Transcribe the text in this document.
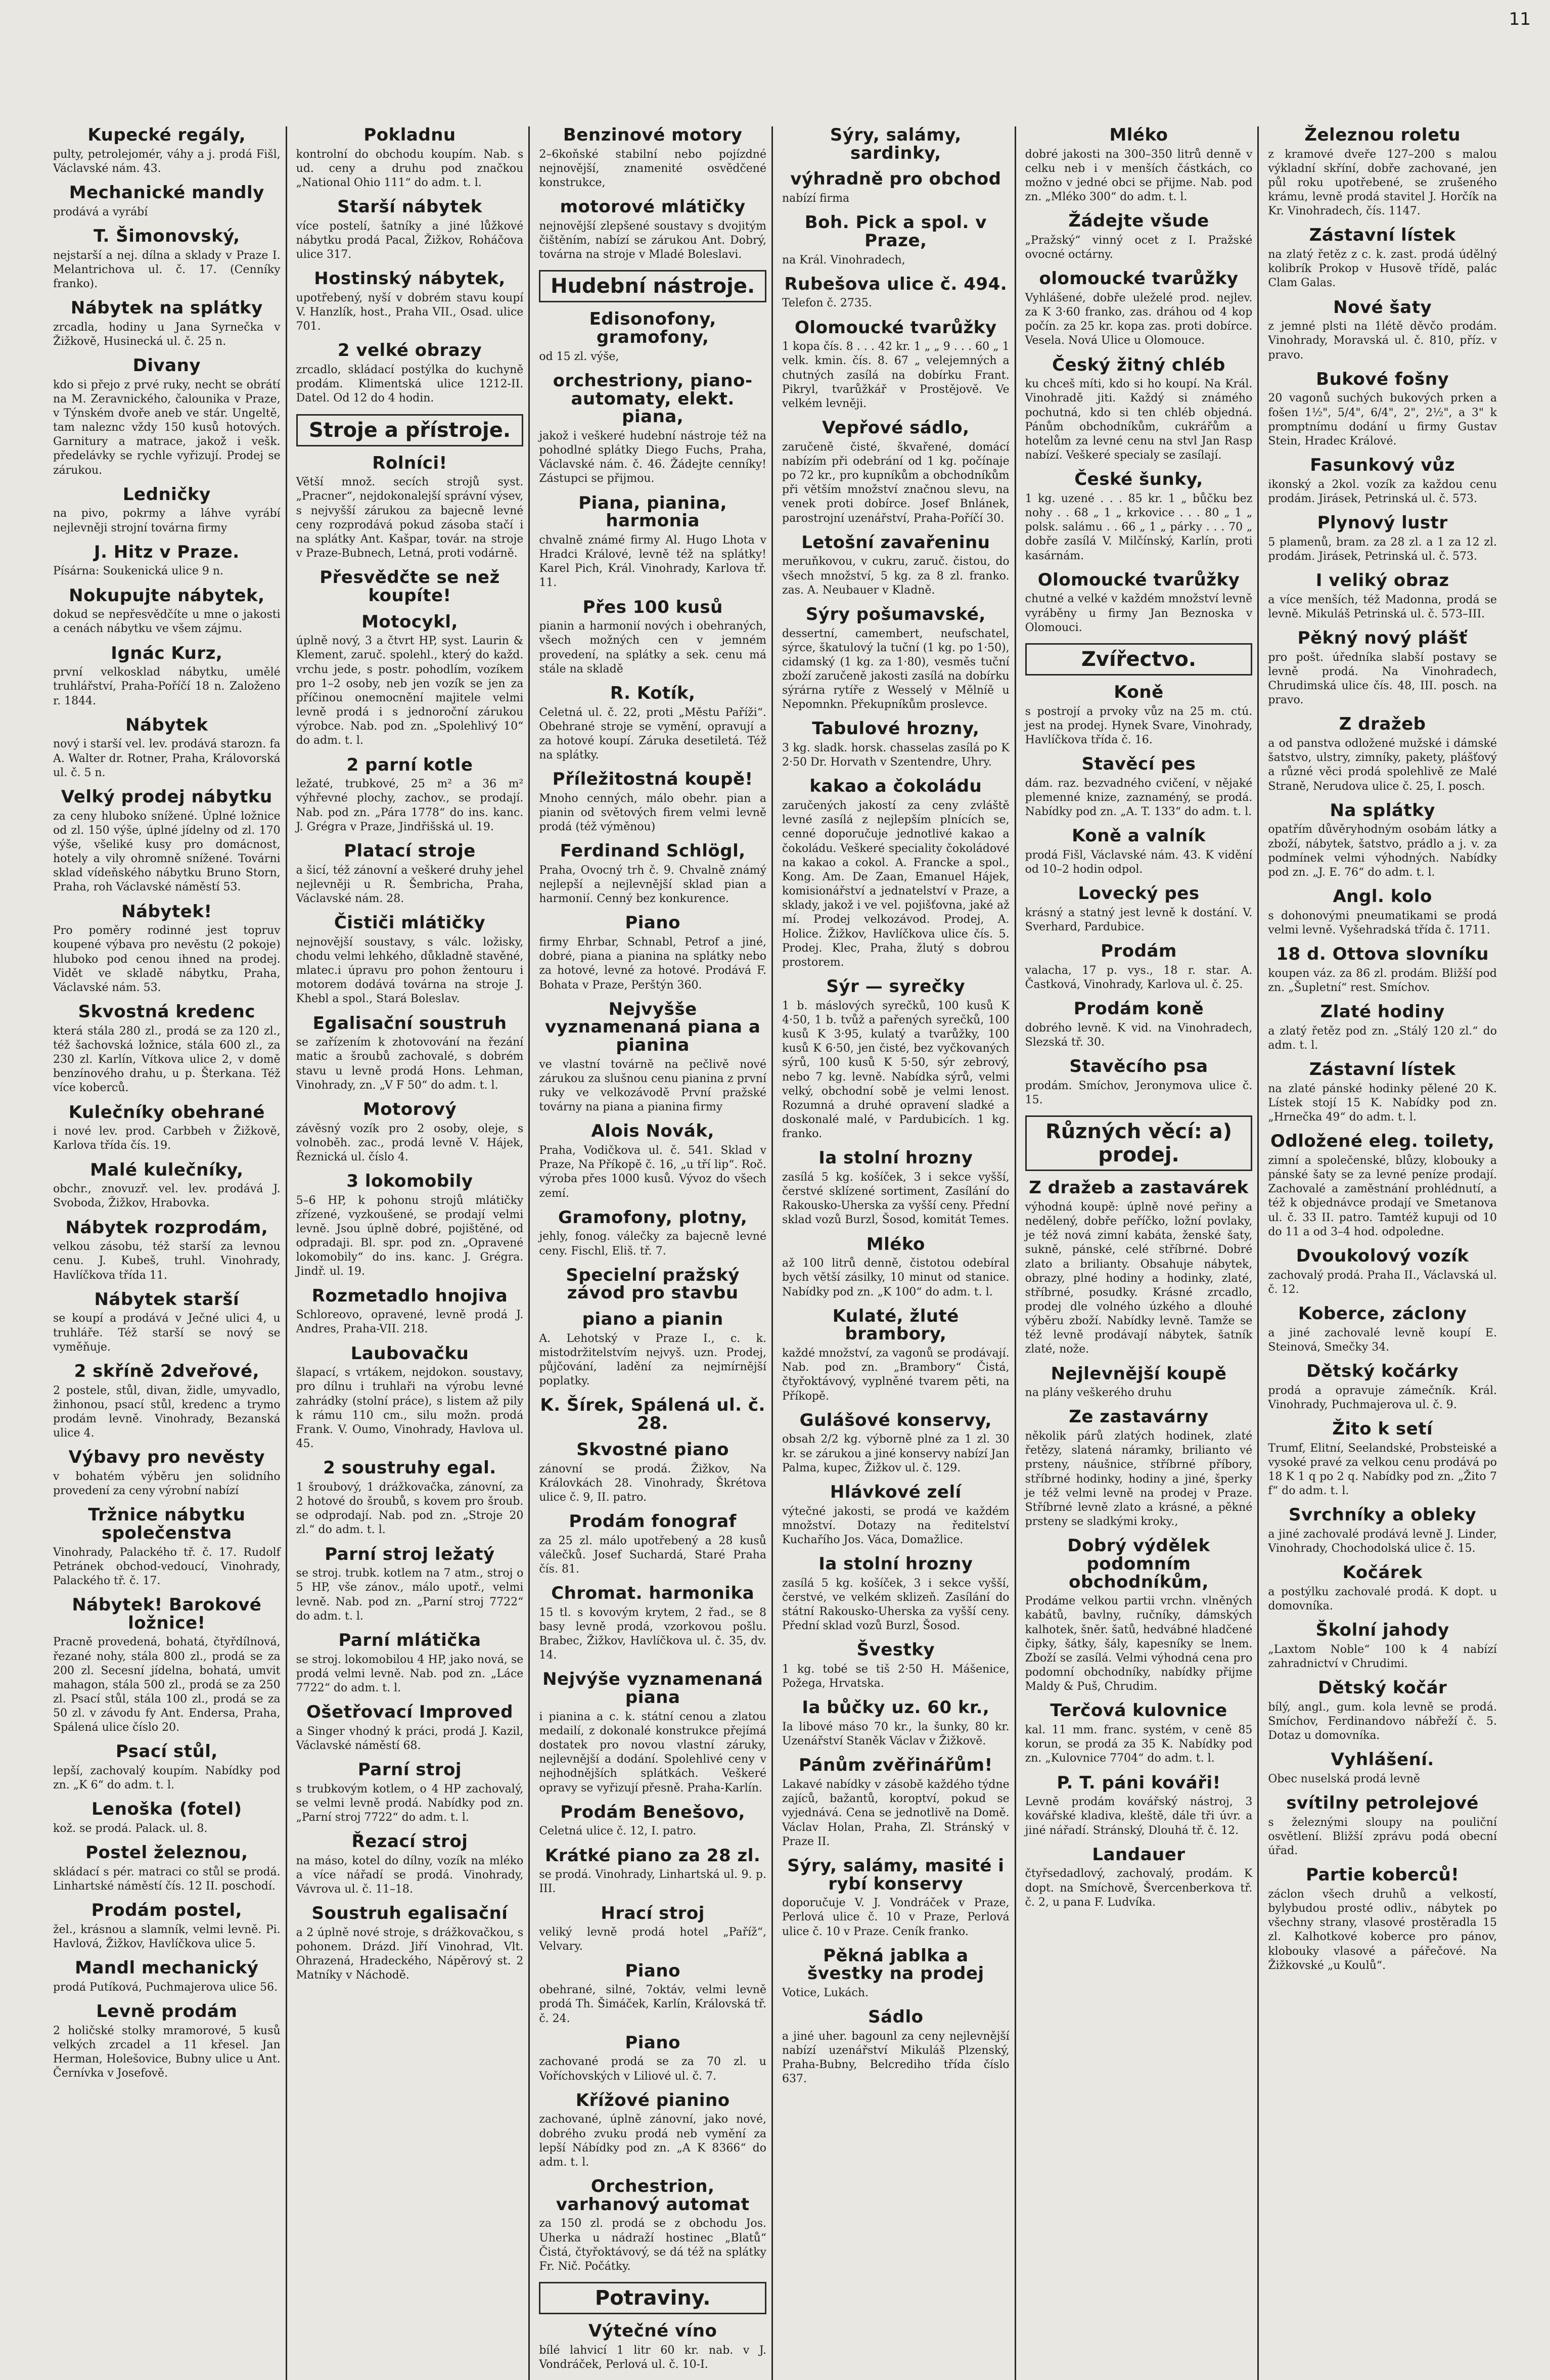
11
Kupecké regály,

pulty, petrolejomér, váhy a j. prodá Fišl, Václavské nám. 43.

Mechanické mandly

prodává a vyrábí

T. Šimonovský,

nejstarší a nej. dílna a sklady v Praze I. Melantrichova ul. č. 17. (Cenníky franko).

Nábytek na splátky

zrcadla, hodiny u Jana Syrnečka v Žižkově, Husinecká ul. č. 25 n.

Divany

kdo si přejo z prvé ruky, necht se obrátí na M. Zeravnického, čalounika v Praze, v Týnském dvoře aneb ve stár. Ungeltě, tam naleznc vždy 150 kusů hotových. Garnitury a matrace, jakož i vešk. předelávky se rychle vyřizují. Prodej se zárukou.

Ledničky

na pivo, pokrmy a láhve vyrábí nejlevněji strojní továrna firmy

J. Hitz v Praze.

Písárna: Soukenická ulice 9 n.

Nokupujte nábytek,

dokud se nepřesvědčíte u mne o jakosti a cenách nábytku ve všem zájmu.

Ignác Kurz,

první velkosklad nábytku, umělé truhlářství, Praha-Poříčí 18 n. Založeno r. 1844.

Nábytek

nový i starší vel. lev. prodává starozn. fa A. Walter dr. Rotner, Praha, Královorská ul. č. 5 n.

Velký prodej nábytku

za ceny hluboko snížené. Úplné ložnice od zl. 150 výše, úplné jídelny od zl. 170 výše, všeliké kusy pro domácnost, hotely a vily ohromně snížené. Továrni sklad vídeňského nábytku Bruno Storn, Praha, roh Václavské náměstí 53.

Nábytek!

Pro poměry rodinné jest topruv koupené výbava pro nevěstu (2 pokoje) hluboko pod cenou ihned na prodej. Vidět ve skladě nábytku, Praha, Václavské nám. 53.

Skvostná kredenc

která stála 280 zl., prodá se za 120 zl., též šachovská ložnice, stála 600 zl., za 230 zl. Karlín, Vítkova ulice 2, v domě benzínového drahu, u p. Šterkana. Též více koberců.

Kulečníky obehrané

i nové lev. prod. Carbbeh v Žižkově, Karlova třída čís. 19.

Malé kulečníky,

obchr., znovuzř. vel. lev. prodává J. Svoboda, Žižkov, Hrabovka.

Nábytek rozprodám,

velkou zásobu, též starší za levnou cenu. J. Kubeš, truhl. Vinohrady, Havlíčkova třída 11.

Nábytek starší

se koupí a prodává v Ječné ulici 4, u truhláře. Též starší se nový se vyměňuje.

2 skříně 2dveřové,

2 postele, stůl, divan, židle, umyvadlo, žinhonou, psací stůl, kredenc a trymo prodám levně. Vinohrady, Bezanská ulice 4.

Výbavy pro nevěsty

v bohatém výběru jen solidního provedení za ceny výrobní nabízí

Tržnice nábytku společenstva

Vinohrady, Palackého tř. č. 17. Rudolf Petránek obchod-vedoucí, Vinohrady, Palackého tř. č. 17.

Nábytek! Barokové ložnice!

Pracně provedená, bohatá, čtyřdílnová, řezané nohy, stála 800 zl., prodá se za 200 zl. Secesní jídelna, bohatá, umvit mahagon, stála 500 zl., prodá se za 250 zl. Psací stůl, stála 100 zl., prodá se za 50 zl. v závodu fy Ant. Endersa, Praha, Spálená ulice číslo 20.

Psací stůl,

lepší, zachovalý koupím. Nabídky pod zn. „K 6“ do adm. t. l.

Lenoška (fotel)

kož. se prodá. Palack. ul. 8.

Postel železnou,

skládací s pér. matraci co stůl se prodá. Linhartské náměstí čís. 12 II. poschodí.

Prodám postel,

žel., krásnou a slamník, velmi levně. Pi. Havlová, Žižkov, Havlíčkova ulice 5.

Mandl mechanický

prodá Putíková, Puchmajerova ulice 56.

Levně prodám

2 holičské stolky mramorové, 5 kusů velkých zrcadel a 11 křesel. Jan Herman, Holešovice, Bubny ulice u Ant. Černívka v Josefově.

Pokladnu

kontrolní do obchodu koupím. Nab. s ud. ceny a druhu pod značkou „National Ohio 111“ do adm. t. l.

Starší nábytek

více postelí, šatníky a jiné lůžkové nábytku prodá Pacal, Žižkov, Roháčova ulice 317.

Hostinský nábytek,

upotřebený, nyší v dobrém stavu koupí V. Hanzlík, host., Praha VII., Osad. ulice 701.

2 velké obrazy

zrcadlo, skládací postýlka do kuchyně prodám. Klimentská ulice 1212-II. Datel. Od 12 do 4 hodin.

Stroje a přístroje.
Rolníci!

Větší množ. secích strojů syst. „Pracner“, nejdokonalejší správní výsev, s nejvyšší zárukou za bajecně levné ceny rozprodává pokud zásoba stačí i na splátky Ant. Kašpar, továr. na stroje v Praze-Bubnech, Letná, proti vodárně.

Přesvědčte se než koupíte!
Motocykl,

úplně nový, 3 a čtvrt HP, syst. Laurin & Klement, zaruč. spolehl., který do každ. vrchu jede, s postr. pohodlím, vozíkem pro 1–2 osoby, neb jen vozík se jen za příčinou onemocnění majitele velmi levně prodá i s jednoroční zárukou výrobce. Nab. pod zn. „Spolehlivý 10“ do adm. t. l.

2 parní kotle

ležaté, trubkové, 25 m² a 36 m² výhřevné plochy, zachov., se prodají. Nab. pod zn. „Pára 1778“ do ins. kanc. J. Grégra v Praze, Jindřišská ul. 19.

Platací stroje

a šicí, též zánovní a veškeré druhy jehel nejlevněji u R. Šembricha, Praha, Václavské nám. 28.

Čističi mlátičky

nejnovější soustavy, s válc. ložisky, chodu velmi lehkého, důkladně stavěné, mlatec.i úpravu pro pohon žentouru i motorem dodává továrna na stroje J. Khebl a spol., Stará Boleslav.

Egalisační soustruh

se zařízením k zhotovování na řezání matic a šroubů zachovalé, s dobrém stavu u levně prodá Hons. Lehman, Vinohrady, zn. „V F 50“ do adm. t. l.

Motorový

závěsný vozík pro 2 osoby, oleje, s volnoběh. zac., prodá levně V. Hájek, Řeznická ul. číslo 4.

3 lokomobily

5–6 HP, k pohonu strojů mlátičky zřízené, vyzkoušené, se prodají velmi levně. Jsou úplně dobré, pojištěné, od odpradaji. Bl. spr. pod zn. „Opravené lokomobily“ do ins. kanc. J. Grégra. Jindř. ul. 19.

Rozmetadlo hnojiva

Schloreovo, opravené, levně prodá J. Andres, Praha-VII. 218.

Laubovačku

šlapací, s vrtákem, nejdokon. soustavy, pro dílnu i truhlaři na výrobu levné zahrádky (stolní práce), s listem až pily k rámu 110 cm., silu možn. prodá Frank. V. Oumo, Vinohrady, Havlova ul. 45.

2 soustruhy egal.

1 šroubový, 1 drážkovačka, zánovní, za 2 hotové do šroubů, s kovem pro šroub. se odprodají. Nab. pod zn. „Stroje 20 zl.“ do adm. t. l.

Parní stroj ležatý

se stroj. trubk. kotlem na 7 atm., stroj o 5 HP, vše zánov., málo upotř., velmi levně. Nab. pod zn. „Parní stroj 7722“ do adm. t. l.

Parní mlátička

se stroj. lokomobilou 4 HP, jako nová, se prodá velmi levně. Nab. pod zn. „Láce 7722“ do adm. t. l.

Ošetřovací Improved

a Singer vhodný k práci, prodá J. Kazil, Václavské náměstí 68.

Parní stroj

s trubkovým kotlem, o 4 HP zachovalý, se velmi levně prodá. Nabídky pod zn. „Parní stroj 7722“ do adm. t. l.

Řezací stroj

na máso, kotel do dílny, vozík na mléko a více nářadí se prodá. Vinohrady, Vávrova ul. č. 11–18.

Soustruh egalisační

a 2 úplně nové stroje, s drážkovačkou, s pohonem. Drázd. Jiří Vinohrad, Vlt. Ohrazená, Hradeckého, Nápěrový st. 2 Matníky v Náchodě.

Benzinové motory

2–6koňské stabilní nebo pojízdné nejnovější, znamenité osvědčené konstrukce,

motorové mlátičky

nejnovější zlepšené soustavy s dvojitým čištěním, nabízí se zárukou Ant. Dobrý, továrna na stroje v Mladé Boleslavi.

Hudební nástroje.
Edisonofony, gramofony,

od 15 zl. výše,

orchestriony, piano-automaty, elekt. piana,

jakož i veškeré hudební nástroje též na pohodlné splátky Diego Fuchs, Praha, Václavské nám. č. 46. Žádejte cenníky! Zástupci se přijmou.

Piana, pianina, harmonia

chvalně známé firmy Al. Hugo Lhota v Hradci Králové, levně též na splátky! Karel Pich, Král. Vinohrady, Karlova tř. 11.

Přes 100 kusů

pianin a harmonií nových i obehraných, všech možných cen v jemném provedení, na splátky a sek. cenu má stále na skladě

R. Kotík,

Celetná ul. č. 22, proti „Městu Paříži“. Obehrané stroje se vymění, opravují a za hotové koupí. Záruka desetiletá. Též na splátky.

Příležitostná koupě!

Mnoho cenných, málo obehr. pian a pianin od světových firem velmi levně prodá (též výměnou)

Ferdinand Schlögl,

Praha, Ovocný trh č. 9. Chvalně známý nejlepší a nejlevnější sklad pian a harmonií. Cenný bez konkurence.

Piano

firmy Ehrbar, Schnabl, Petrof a jiné, dobré, piana a pianina na splátky nebo za hotové, levné za hotové. Prodává F. Bohata v Praze, Perštýn 360.

Nejvyšše vyznamenaná piana a pianina

ve vlastní továrně na pečlivě nové zárukou za slušnou cenu pianina z první ruky ve velkozávodě První pražské továrny na piana a pianina firmy

Alois Novák,

Praha, Vodičkova ul. č. 541. Sklad v Praze, Na Příkopě č. 16, „u tří lip“. Roč. výroba přes 1000 kusů. Vývoz do všech zemí.

Gramofony, plotny,

jehly, fonog. válečky za bajecně levné ceny. Fischl, Eliš. tř. 7.

Specielní pražský závod pro stavbu
piano a pianin

A. Lehotský v Praze I., c. k. mistodržitelstvím nejvyš. uzn. Prodej, půjčování, ladění za nejmírnější poplatky.

K. Šírek, Spálená ul. č. 28.
Skvostné piano

zánovní se prodá. Žižkov, Na Královkách 28. Vinohrady, Škrétova ulice č. 9, II. patro.

Prodám fonograf

za 25 zl. málo upotřebený a 28 kusů válečků. Josef Suchardá, Staré Praha čís. 81.

Chromat. harmonika

15 tl. s kovovým krytem, 2 řad., se 8 basy levně prodá, vzorkovou pošlu. Brabec, Žižkov, Havlíčkova ul. č. 35, dv. 14.

Nejvýše vyznamenaná piana

i pianina a c. k. státní cenou a zlatou medailí, z dokonalé konstrukce přejímá dostatek pro novou vlastní záruky, nejlevnější a dodání. Spolehlivé ceny v nejhodnějších splátkách. Veškeré opravy se vyřizují přesně. Praha-Karlín.

Prodám Benešovo,

Celetná ulice č. 12, I. patro.

Krátké piano za 28 zl.

se prodá. Vinohrady, Linhartská ul. 9. p. III.

Hrací stroj

veliký levně prodá hotel „Paříž“, Velvary.

Piano

obehrané, silné, 7oktáv, velmi levně prodá Th. Šimáček, Karlín, Královská tř. č. 24.

Piano

zachované prodá se za 70 zl. u Voříchovských v Liliové ul. č. 7.

Křížové pianino

zachované, úplně zánovní, jako nové, dobrého zvuku prodá neb vymění za lepší Nábídky pod zn. „A K 8366“ do adm. t. l.

Orchestrion, varhanový automat

za 150 zl. prodá se z obchodu Jos. Uherka u nádraží hostinec „Blatů“ Čistá, čtyřoktávový, se dá též na splátky Fr. Nič. Počátky.

Potraviny.
Výtečné víno

bílé lahvicí 1 litr 60 kr. nab. v J. Vondráček, Perlová ul. č. 10-I.

Sýry, salámy, sardinky,
výhradně pro obchod

nabízí firma

Boh. Pick a spol. v Praze,

na Král. Vinohradech,

Rubešova ulice č. 494.

Telefon č. 2735.

Olomoucké tvarůžky

1 kopa čís. 8 . . . 42 kr. 1 „ „ 9 . . . 60 „ 1 velk. kmin. čís. 8. 67 „ velejemných a chutných zasílá na dobírku Frant. Pikryl, tvarůžkář v Prostějově. Ve velkém levněji.

Vepřové sádlo,

zaručeně čisté, škvařené, domácí nabízím při odebrání od 1 kg. počínaje po 72 kr., pro kupníkům a obchodníkům při větším množství značnou slevu, na venek proti dobírce. Josef Bnlánek, parostrojní uzenářství, Praha-Poříčí 30.

Letošní zavařeninu

meruňkovou, v cukru, zaruč. čistou, do všech množství, 5 kg. za 8 zl. franko. zas. A. Neubauer v Kladně.

Sýry pošumavské,

dessertní, camembert, neufschatel, sýrce, škatulový la tuční (1 kg. po 1·50), cidamský (1 kg. za 1·80), vesměs tuční zboží zaručeně jakosti zasílá na dobírku sýrárna rytíře z Wesselý v Mělníě u Nepomnkn. Překupníkům proslevce.

Tabulové hrozny,

3 kg. sladk. horsk. chasselas zasílá po K 2·50 Dr. Horvath v Szentendre, Uhry.

kakao a čokoládu

zaručených jakostí za ceny zvláště levné zasílá z nejlepším plnících se, cenné doporučuje jednotlivé kakao a čokoládu. Veškeré speciality čokoládové na kakao a cokol. A. Francke a spol., Kong. Am. De Zaan, Emanuel Hájek, komisionářství a jednatelství v Praze, a sklady, jakož i ve vel. pojišťovna, jaké až mí. Prodej velkozávod. Prodej, A. Holice. Žižkov, Havlíčkova ulice čís. 5. Prodej. Klec, Praha, žlutý s dobrou prostorem.

Sýr — syrečky

1 b. máslových syrečků, 100 kusů K 4·50, 1 b. tvůž a pařených syrečků, 100 kusů K 3·95, kulatý a tvarůžky, 100 kusů K 6·50, jen čisté, bez vyčkovaných sýrů, 100 kusů K 5·50, sýr zebrový, nebo 7 kg. levně. Nabídka sýrů, velmi velký, obchodní sobě je velmi lenost. Rozumná a druhé opravení sladké a doskonalé malé, v Pardubicích. 1 kg. franko.

Ia stolní hrozny

zasílá 5 kg. košíček, 3 i sekce vyšší, čerstvé sklízené sortiment, Zasílání do Rakousko-Uherska za vyšší ceny. Přední sklad vozů Burzl, Šosod, komitát Temes.

Mléko

až 100 litrů denně, čistotou odebíral bych větší zásilky, 10 minut od stanice. Nabídky pod zn. „K 100“ do adm. t. l.

Kulaté, žluté brambory,

každé množství, za vagonů se prodávají. Nab. pod zn. „Brambory“ Čistá, čtyřoktávový, vyplněné tvarem pěti, na Příkopě.

Gulášové konservy,

obsah 2/2 kg. výborně plné za 1 zl. 30 kr. se zárukou a jiné konservy nabízí Jan Palma, kupec, Žižkov ul. č. 129.

Hlávkové zelí

výtečné jakosti, se prodá ve každém množství. Dotazy na ředitelství Kuchařího Jos. Váca, Domažlice.

Ia stolní hrozny

zasílá 5 kg. košíček, 3 i sekce vyšší, čerstvé, ve velkém sklizeň. Zasílání do státní Rakousko-Uherska za vyšší ceny. Přední sklad vozů Burzl, Šosod.

Švestky

1 kg. tobé se tiš 2·50 H. Mášenice, Požega, Hrvatska.

Ia bůčky uz. 60 kr.,

Ia libové máso 70 kr., la šunky, 80 kr. Uzenářství Staněk Václav v Žižkově.

Pánům zvěřinářům!

Lakavé nabídky v zásobě každého týdne zajíců, bažantů, koroptví, pokud se vyjednává. Cena se jednotlivě na Domě. Václav Holan, Praha, Zl. Stránský v Praze II.

Sýry, salámy, masité i rybí konservy

doporučuje V. J. Vondráček v Praze, Perlová ulice č. 10 v Praze, Perlová ulice č. 10 v Praze. Ceník franko.

Pěkná jablka a švestky na prodej

Votice, Lukách.

Sádlo

a jiné uher. bagounl za ceny nejlevnější nabízí uzenářství Mikuláš Plzenský, Praha-Bubny, Belcrediho třída číslo 637.

Mléko

dobré jakosti na 300–350 litrů denně v celku neb i v menších částkách, co možno v jedné obci se přijme. Nab. pod zn. „Mléko 300“ do adm. t. l.

Žádejte všude

„Pražský“ vinný ocet z I. Pražské ovocné octárny.

olomoucké tvarůžky

Vyhlášené, dobře uleželé prod. nejlev. za K 3·60 franko, zas. dráhou od 4 kop počín. za 25 kr. kopa zas. proti dobírce. Vesela. Nová Ulice u Olomouce.

Český žitný chléb

ku chceš míti, kdo si ho koupí. Na Král. Vinohradě jiti. Každý si známého pochutná, kdo si ten chléb objedná. Pánům obchodníkům, cukrářům a hotelům za levné cenu na stvl Jan Rasp nabízí. Veškeré specialy se zasílají.

České šunky,

1 kg. uzené . . . 85 kr. 1 „ bůčku bez nohy . . 68 „ 1 „ krkovice . . . 80 „ 1 „ polsk. salámu . . 66 „ 1 „ párky . . . 70 „ dobře zasílá V. Milčínský, Karlín, proti kasárnám.

Olomoucké tvarůžky

chutné a velké v každém množství levně vyráběny u firmy Jan Beznoska v Olomouci.

Zvířectvo.
Koně

s postrojí a prvoky vůz na 25 m. ctú. jest na prodej. Hynek Svare, Vinohrady, Havlíčkova třída č. 16.

Stavěcí pes

dám. raz. bezvadného cvičení, v nějaké plemenné knize, zaznaméný, se prodá. Nabídky pod zn. „A. T. 133“ do adm. t. l.

Koně a valník

prodá Fišl, Václavské nám. 43. K vidění od 10–2 hodin odpol.

Lovecký pes

krásný a statný jest levně k dostání. V. Sverhard, Pardubice.

Prodám

valacha, 17 p. vys., 18 r. star. A. Častková, Vinohrady, Karlova ul. č. 25.

Prodám koně

dobrého levně. K vid. na Vinohradech, Slezská tř. 30.

Stavěcího psa

prodám. Smíchov, Jeronymova ulice č. 15.

Různých věcí: a) prodej.
Z dražeb a zastavárek

výhodná koupě: úplně nové peřiny a nedělený, dobře peříčko, ložní povlaky, je též nová zimní kabáta, ženské šaty, sukně, pánské, celé stříbrné. Dobré zlato a brilianty. Obsahuje nábytek, obrazy, plné hodiny a hodinky, zlaté, stříbrné, posudky. Krásné zrcadlo, prodej dle volného úzkého a dlouhé výběru zboží. Nabídky levně. Tamže se též levně prodávají nábytek, šatník zlaté, nože.

Nejlevnější koupě

na plány veškerého druhu

Ze zastavárny

několik párů zlatých hodinek, zlaté řetězy, slatená náramky, brilianto vé prsteny, náušnice, stříbrné příbory, stříbrné hodinky, hodiny a jiné, šperky je též velmi levně na prodej v Praze. Stříbrné levně zlato a krásné, a pěkné prsteny se sladkými kroky.,

Dobrý výdělek podomním obchodníkům,

Prodáme velkou partii vrchn. vlněných kabátů, bavlny, ručníky, dámských kalhotek, šněr. šatů, hedvábné hladčené čipky, šátky, šály, kapesníky se lnem. Zboží se zasílá. Velmi výhodná cena pro podomní obchodníky, nabídky přijme Maldy & Puš, Chrudim.

Terčová kulovnice

kal. 11 mm. franc. systém, v ceně 85 korun, se prodá za 35 K. Nabídky pod zn. „Kulovnice 7704“ do adm. t. l.

P. T. páni kováři!

Levně prodám kovářský nástroj, 3 kovářské kladiva, kleště, dále tři úvr. a jiné nářadí. Stránský, Dlouhá tř. č. 12.

Landauer

čtyřsedadlový, zachovalý, prodám. K dopt. na Smíchově, Švercenberkova tř. č. 2, u pana F. Ludvíka.

Železnou roletu

z kramové dveře 127–200 s malou výkladní skříní, dobře zachované, jen půl roku upotřebené, se zrušeného krámu, levně prodá stavitel J. Horčík na Kr. Vinohradech, čís. 1147.

Zástavní lístek

na zlatý řetěz z c. k. zast. prodá údělný kolibrík Prokop v Husově třídě, palác Clam Galas.

Nové šaty

z jemné plsti na 1létě děvčo prodám. Vinohrady, Moravská ul. č. 810, příz. v pravo.

Bukové fošny

20 vagonů suchých bukových prken a fošen 1½", 5/4", 6/4", 2", 2½", a 3" k promptnímu dodání u firmy Gustav Stein, Hradec Králové.

Fasunkový vůz

ikonský a 2kol. vozík za každou cenu prodám. Jirásek, Petrinská ul. č. 573.

Plynový lustr

5 plamenů, bram. za 28 zl. a 1 za 12 zl. prodám. Jirásek, Petrinská ul. č. 573.

I veliký obraz

a více menších, též Madonna, prodá se levně. Mikuláš Petrinská ul. č. 573–III.

Pěkný nový plášť

pro pošt. úředníka slabší postavy se levně prodá. Na Vinohradech, Chrudimská ulice čís. 48, III. posch. na pravo.

Z dražeb

a od panstva odložené mužské i dámské šatstvo, ulstry, zimníky, pakety, plášťový a různé věci prodá spolehlivě ze Malé Straně, Nerudova ulice č. 25, I. posch.

Na splátky

opatřím důvěryhodným osobám látky a zboží, nábytek, šatstvo, prádlo a j. v. za podmínek velmi výhodných. Nabídky pod zn. „J. E. 76“ do adm. t. l.

Angl. kolo

s dohonovými pneumatikami se prodá velmi levně. Vyšehradská třída č. 1711.

18 d. Ottova slovníku

koupen váz. za 86 zl. prodám. Bližší pod zn. „Šupletní“ rest. Smíchov.

Zlaté hodiny

a zlatý řetěz pod zn. „Stálý 120 zl.“ do adm. t. l.

Zástavní lístek

na zlaté pánské hodinky pělené 20 K. Lístek stojí 15 K. Nabídky pod zn. „Hrnečka 49“ do adm. t. l.

Odložené eleg. toilety,

zimní a společenské, blůzy, klobouky a pánské šaty se za levné peníze prodají. Zachovalé a zaměstnání prohlédnutí, a též k objednávce prodají ve Smetanova ul. č. 33 II. patro. Tamtéž kupuji od 10 do 11 a od 3–4 hod. odpoledne.

Dvoukolový vozík

zachovalý prodá. Praha II., Václavská ul. č. 12.

Koberce, záclony

a jiné zachovalé levně koupí E. Steinová, Smečky 34.

Dětský kočárky

prodá a opravuje zámečník. Král. Vinohrady, Puchmajerova ul. č. 9.

Žito k setí

Trumf, Elitní, Seelandské, Probsteiské a vysoké pravé za velkou cenu prodává po 18 K 1 q po 2 q. Nabídky pod zn. „Žito 7 f“ do adm. t. l.

Svrchníky a obleky

a jiné zachovalé prodává levně J. Linder, Vinohrady, Chochodolská ulice č. 15.

Kočárek

a postýlku zachovalé prodá. K dopt. u domovníka.

Školní jahody

„Laxtom Noble“ 100 k 4 nabízí zahradnictví v Chrudimi.

Dětský kočár

bílý, angl., gum. kola levně se prodá. Smíchov, Ferdinandovo nábřeží č. 5. Dotaz u domovníka.

Vyhlášení.

Obec nuselská prodá levně

svítilny petrolejové

s železnými sloupy na pouliční osvětlení. Bližší zprávu podá obecní úřad.

Partie koberců!

záclon všech druhů a velkostí, bylybudou prosté odliv., nábytek po všechny strany, vlasové prostěradla 15 zl. Kalhotkové koberce pro pánov, klobouky vlasové a pářečové. Na Žižkovské „u Koulů“.
